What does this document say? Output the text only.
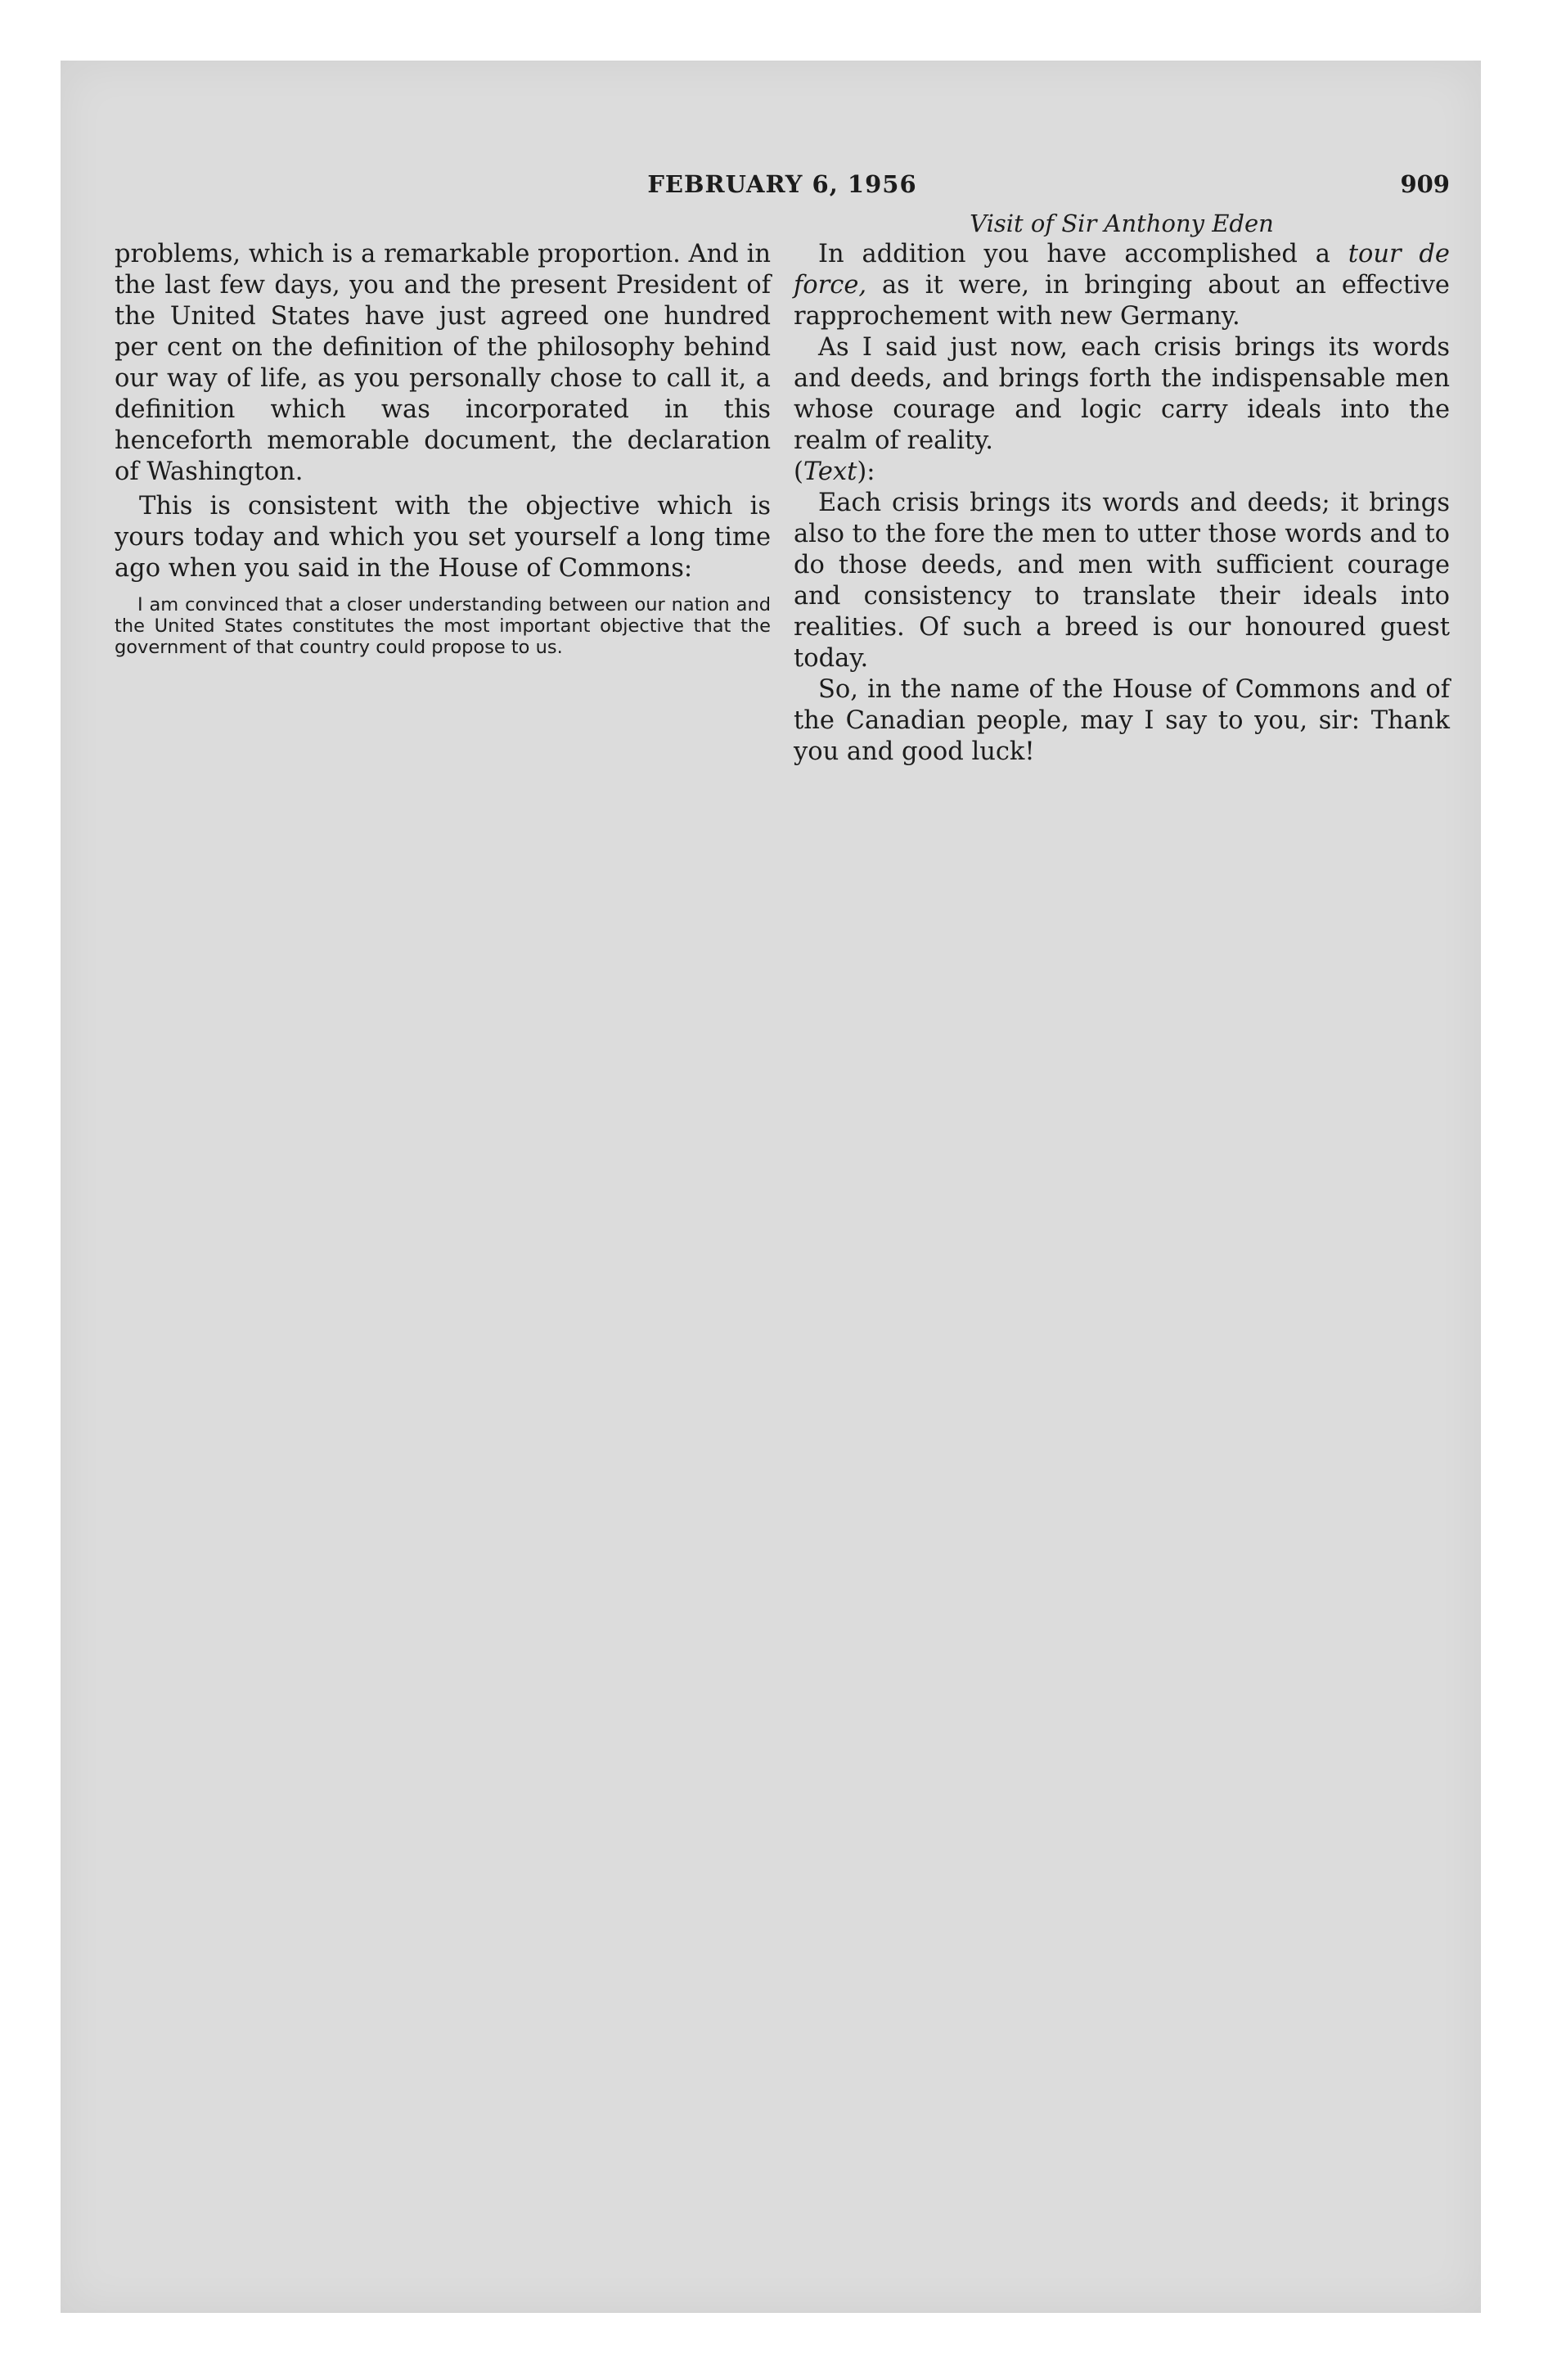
FEBRUARY 6, 1956	909

problems, which is a remarkable proportion. And in the last few days, you and the present President of the United States have just agreed one hundred per cent on the definition of the philosophy behind our way of life, as you personally chose to call it, a definition which was incorporated in this henceforth memorable document, the declaration of Washington.

This is consistent with the objective which is yours today and which you set yourself a long time ago when you said in the House of Commons:

I am convinced that a closer understanding between our nation and the United States constitutes the most important objective that the government of that country could propose to us.

Visit of Sir Anthony Eden

In addition you have accomplished a tour de force, as it were, in bringing about an effective rapprochement with new Germany.

As I said just now, each crisis brings its words and deeds, and brings forth the indispensable men whose courage and logic carry ideals into the realm of reality.

(Text):

Each crisis brings its words and deeds; it brings also to the fore the men to utter those words and to do those deeds, and men with sufficient courage and consistency to translate their ideals into realities. Of such a breed is our honoured guest today.

So, in the name of the House of Commons and of the Canadian people, may I say to you, sir: Thank you and good luck!
